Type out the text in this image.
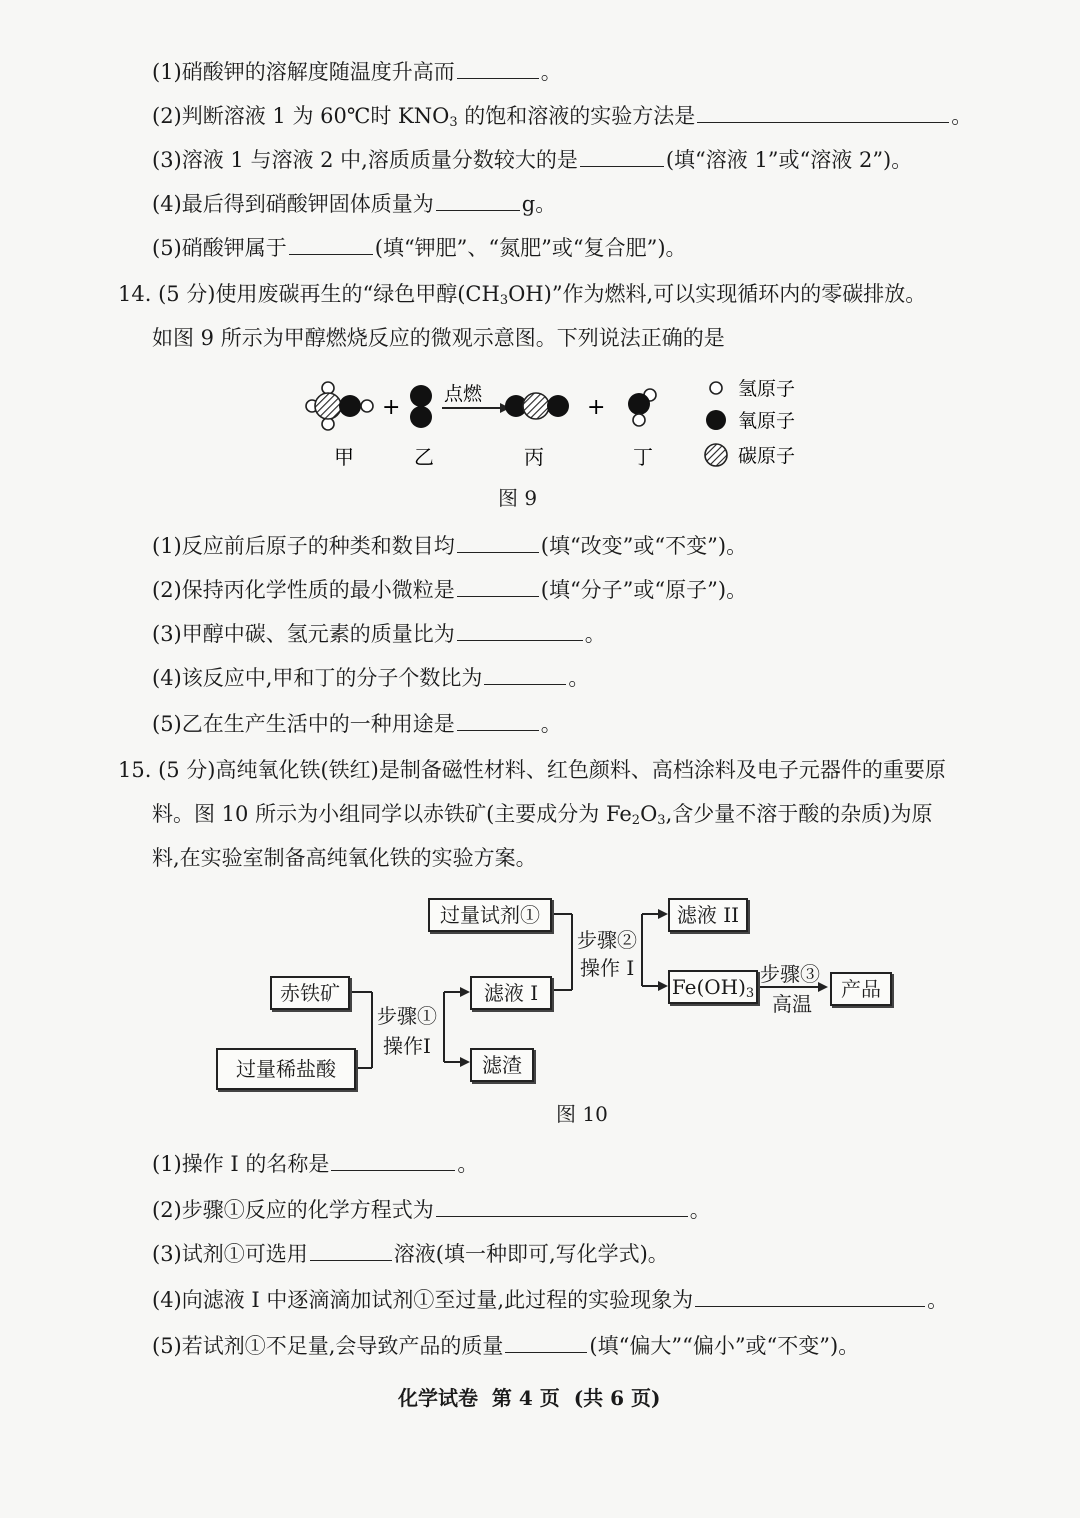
(1)硝酸钾的溶解度随温度升高而	。
(2)判断溶液 1 为 60℃时 $KNO_3$ 的饱和溶液的实验方法是	。
(3)溶液 1 与溶液 2 中,溶质质量分数较大的是	(填“溶液 1”或“溶液 2”)。
(4)最后得到硝酸钾固体质量为	g。
(5)硝酸钾属于	(填“钾肥”、“氮肥”或“复合肥”)。
14. (5 分)使用废碳再生的“绿色甲醇$(CH_3OH)$”作为燃料,可以实现循环内的零碳排放。
如图 9 所示为甲醇燃烧反应的微观示意图。下列说法正确的是
+
点燃
+
甲	乙	丙	丁
氢原子
氧原子
碳原子
图 9
(1)反应前后原子的种类和数目均	(填“改变”或“不变”)。
(2)保持丙化学性质的最小微粒是	(填“分子”或“原子”)。
(3)甲醇中碳、氢元素的质量比为	。
(4)该反应中,甲和丁的分子个数比为	。
(5)乙在生产生活中的一种用途是	。
15. (5 分)高纯氧化铁(铁红)是制备磁性材料、红色颜料、高档涂料及电子元器件的重要原
料。图 10 所示为小组同学以赤铁矿(主要成分为 $Fe_2O_3$,含少量不溶于酸的杂质)为原
料,在实验室制备高纯氧化铁的实验方案。
赤铁矿
过量稀盐酸
步骤①
操作I
滤液 I
滤渣
过量试剂①
步骤②
操作 I
滤液 II
$Fe(OH)_3$
步骤③
高温
产品
图 10
(1)操作 I 的名称是	。
(2)步骤①反应的化学方程式为	。
(3)试剂①可选用	溶液(填一种即可,写化学式)。
(4)向滤液 I 中逐滴滴加试剂①至过量,此过程的实验现象为	。
(5)若试剂①不足量,会导致产品的质量	(填“偏大”“偏小”或“不变”)。
化学试卷  第 4 页  (共 6 页)
